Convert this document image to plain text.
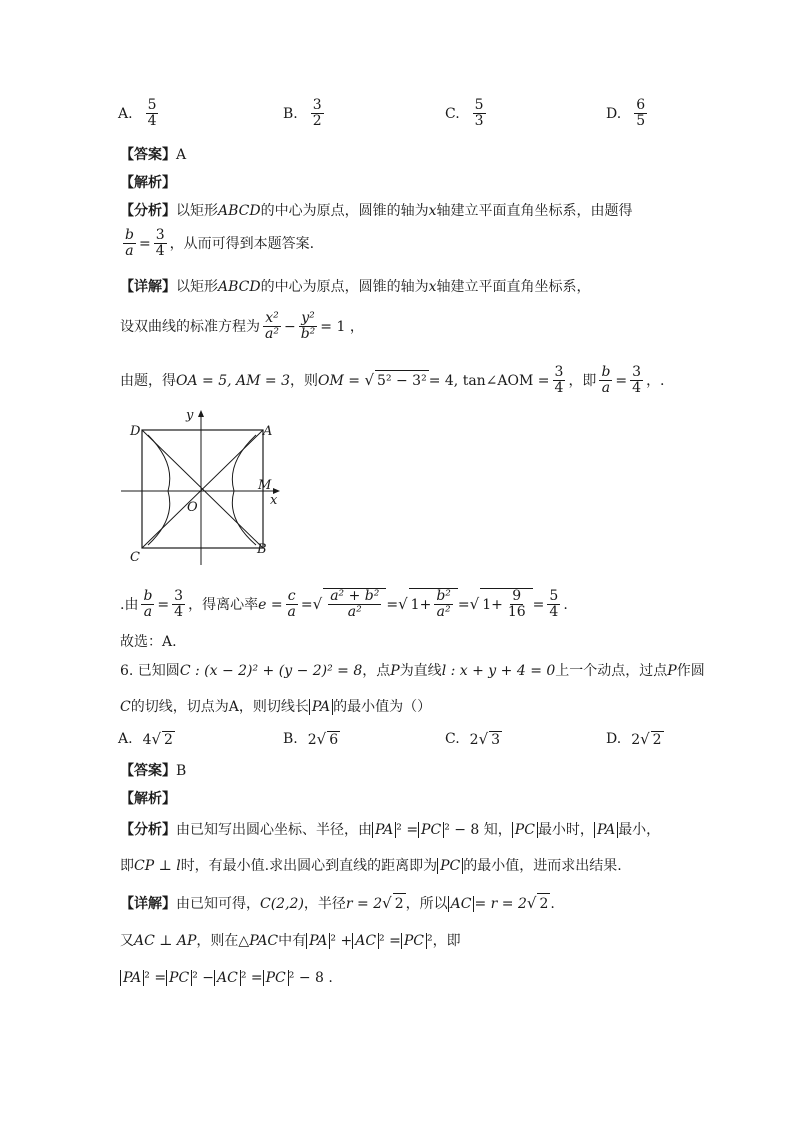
A. $\frac{5}{4}$	B. $\frac{3}{2}$	C. $\frac{5}{3}$	D. $\frac{6}{5}$
【答案】A
【解析】
【分析】以矩形ABCD的中心为原点，圆锥的轴为x轴建立平面直角坐标系，由题得
$\frac{b}{a} = \frac{3}{4}$ ，从而可得到本题答案.
【详解】以矩形ABCD的中心为原点，圆锥的轴为x轴建立平面直角坐标系，
设双曲线的标准方程为 $\frac{\text{x²}}{\text{a²}} - \frac{\text{y²}}{\text{b²}} = 1$ ，
由题，得OA = 5, AM = 3，则OM = √ 5² − 3² = 4, tan∠AOM = $\frac{3}{4}$ ，即 $\frac{b}{a} = \frac{3}{4}$ ，.
D	A
C
B
M
O	x
y
.由 $\frac{b}{a} = \frac{3}{4}$ ，得离心率$e = \frac{c}{a}$ =√ $\frac{\text{a² + b²}}{\text{a²}}$ =√ $1+ \frac{\text{b²}}{\text{a²}}$ =√ $1+ \frac{9}{16} = \frac{5}{4}$ .
故选：A.
6. 已知圆C : (x − 2)² + (y − 2)² = 8，点P为直线l : x + y + 4 = 0上一个动点，过点P作圆
C的切线，切点为A，则切线长 PA 的最小值为（）
A. 4√ 2	B. 2√ 6	C. 2√ 3	D. 2√ 2
【答案】B
【解析】
【分析】由已知写出圆心坐标、半径，由 PA ² = PC ² − 8 知， PC 最小时， PA 最小，
即CP ⊥ l时，有最小值.求出圆心到直线的距离即为 PC 的最小值，进而求出结果.
【详解】由已知可得，C(2,2)，半径r = 2√ 2 ，所以 AC = r = 2√ 2 .
又AC ⊥ AP，则在△PAC中有 PA ² + AC ² = PC ²，即
PA ² = PC ² − AC ² = PC ² − 8 .
